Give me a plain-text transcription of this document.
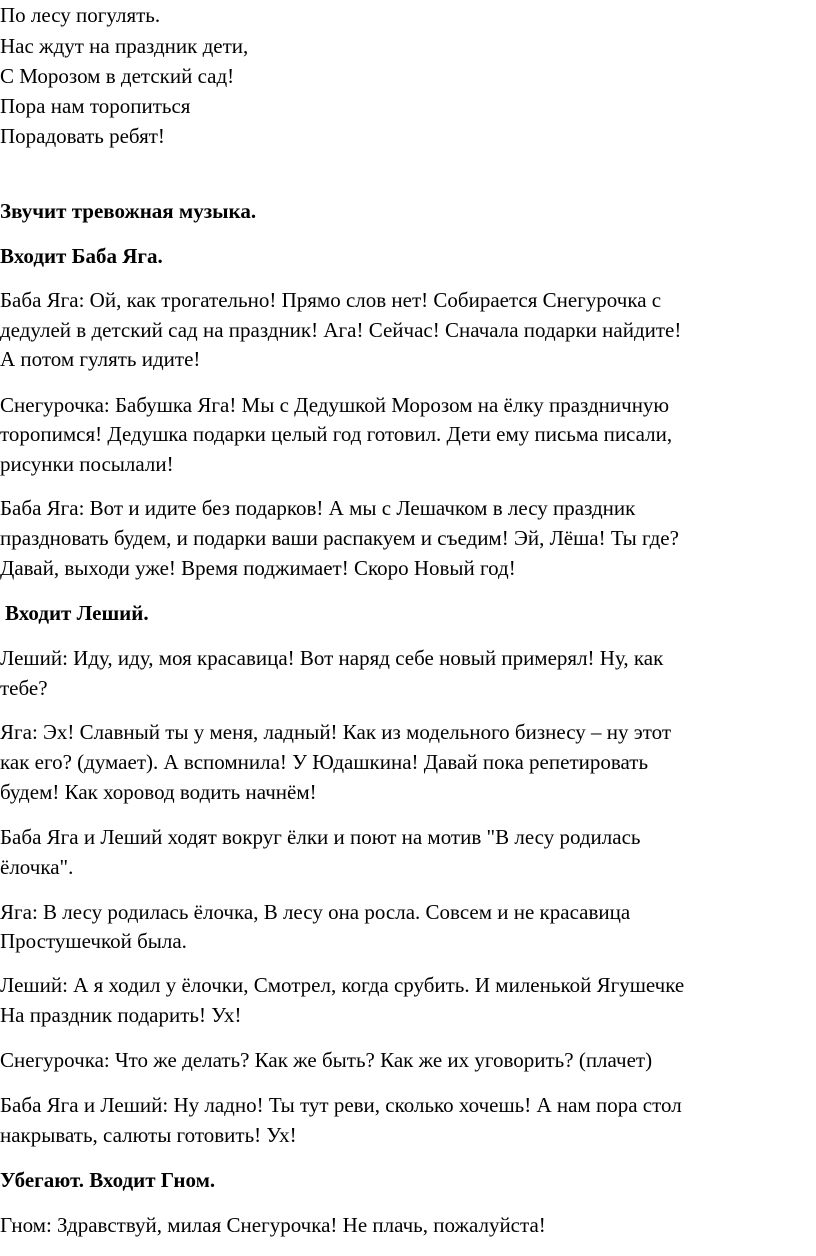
По лесу погулять.

Нас ждут на праздник дети,

С Морозом в детский сад!

Пора нам торопиться

Порадовать ребят!

Звучит тревожная музыка.

Входит Баба Яга.

Баба Яга: Ой, как трогательно! Прямо слов нет! Собирается Снегурочка с

дедулей в детский сад на праздник! Ага! Сейчас! Сначала подарки найдите!

А потом гулять идите!

Снегурочка: Бабушка Яга! Мы с Дедушкой Морозом на ёлку праздничную

торопимся! Дедушка подарки целый год готовил. Дети ему письма писали,

рисунки посылали!

Баба Яга: Вот и идите без подарков! А мы с Лешачком в лесу праздник

праздновать будем, и подарки ваши распакуем и съедим! Эй, Лёша! Ты где?

Давай, выходи уже! Время поджимает! Скоро Новый год!

Входит Леший.

Леший: Иду, иду, моя красавица! Вот наряд себе новый примерял! Ну, как

тебе?

Яга: Эх! Славный ты у меня, ладный! Как из модельного бизнесу – ну этот

как его? (думает). А вспомнила! У Юдашкина! Давай пока репетировать

будем! Как хоровод водить начнём!

Баба Яга и Леший ходят вокруг ёлки и поют на мотив "В лесу родилась

ёлочка".

Яга: В лесу родилась ёлочка, В лесу она росла. Совсем и не красавица

Простушечкой была.

Леший: А я ходил у ёлочки, Смотрел, когда срубить. И миленькой Ягушечке

На праздник подарить! Ух!

Снегурочка: Что же делать? Как же быть? Как же их уговорить? (плачет)

Баба Яга и Леший: Ну ладно! Ты тут реви, сколько хочешь! А нам пора стол

накрывать, салюты готовить! Ух!

Убегают. Входит Гном.

Гном: Здравствуй, милая Снегурочка! Не плачь, пожалуйста!
